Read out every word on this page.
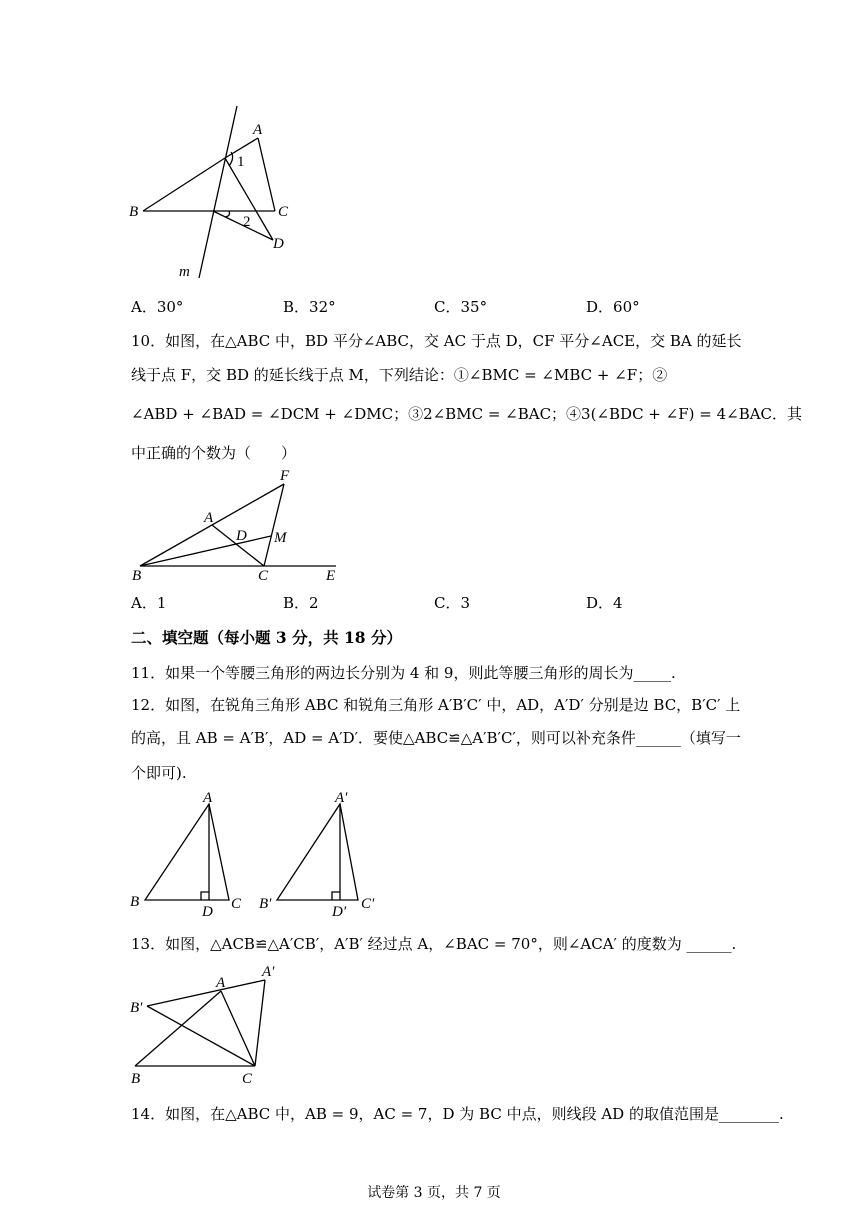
A
1
B	C
2
D
m
A．30°	B．32°	C．35°	D．60°
10．如图，在△ABC 中，BD 平分∠ABC，交 AC 于点 D，CF 平分∠ACE，交 BA 的延长
线于点 F，交 BD 的延长线于点 M，下列结论：①∠BMC = ∠MBC + ∠F；②
∠ABD + ∠BAD = ∠DCM + ∠DMC；③2∠BMC = ∠BAC；④3(∠BDC + ∠F) = 4∠BAC．其
中正确的个数为（　　）
F
A
D M
B	C	E
A．1	B．2	C．3	D．4
二、填空题（每小题 3 分，共 18 分）
11．如果一个等腰三角形的两边长分别为 4 和 9，则此等腰三角形的周长为_____.
12．如图，在锐角三角形 ABC 和锐角三角形 A′B′C′ 中，AD，A′D′ 分别是边 BC，B′C′ 上
的高，且 AB = A′B′，AD = A′D′．要使△ABC≌△A′B′C′，则可以补充条件______（填写一
个即可).
A
B
D C
A′
B′	D′ C′
13．如图，△ACB≌△A′CB′，A′B′ 经过点 A，∠BAC = 70°，则∠ACA′ 的度数为 ______.
A′
A
B′
B	C
14．如图，在△ABC 中，AB = 9，AC = 7，D 为 BC 中点，则线段 AD 的取值范围是________.
试卷第 3 页，共 7 页
